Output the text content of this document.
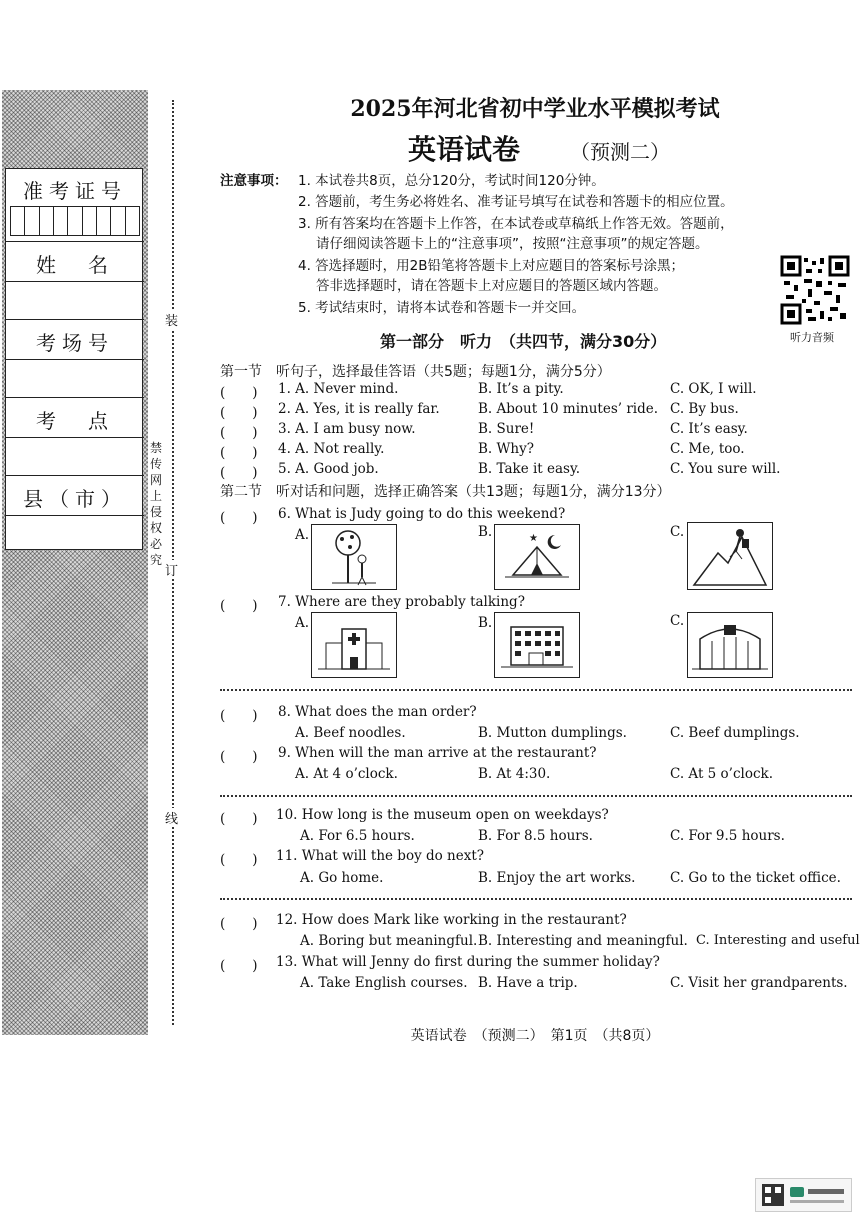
准考证号
姓　名
考场号
考　点
县（市）
装
订
线
禁传网上 侵权必究
2025年河北省初中学业水平模拟考试
英语试卷 （预测二）
注意事项： 1. 本试卷共8页，总分120分，考试时间120分钟。
2. 答题前，考生务必将姓名、准考证号填写在试卷和答题卡的相应位置。
3. 所有答案均在答题卡上作答，在本试卷或草稿纸上作答无效。答题前，
请仔细阅读答题卡上的“注意事项”，按照“注意事项”的规定答题。
4. 答选择题时，用2B铅笔将答题卡上对应题目的答案标号涂黑；
答非选择题时，请在答题卡上对应题目的答题区域内答题。
5. 考试结束时，请将本试卷和答题卡一并交回。
听力音频
第一部分　听力　（共四节，满分30分）
第一节　听句子，选择最佳答语（共5题；每题1分，满分5分）
(　　) 1. A. Never mind.	B. It’s a pity.	C. OK, I will.
(　　) 2. A. Yes, it is really far.	B. About 10 minutes’ ride. C. By bus.
(　　) 3. A. I am busy now.	B. Sure!	C. It’s easy.
(　　) 4. A. Not really.	B. Why?	C. Me, too.
(　　) 5. A. Good job.	B. Take it easy.	C. You sure will.
第二节　听对话和问题，选择正确答案（共13题；每题1分，满分13分）
(　　) 6. What is Judy going to do this weekend?
A.	B.	C.
★
(　　) 7. Where are they probably talking?
A.	B.	C.
(　　) 8. What does the man order?
A. Beef noodles.	B. Mutton dumplings.	C. Beef dumplings.
(　　) 9. When will the man arrive at the restaurant?
A. At 4 o’clock.	B. At 4:30.	C. At 5 o’clock.
(　　) 10. How long is the museum open on weekdays?
A. For 6.5 hours.	B. For 8.5 hours.	C. For 9.5 hours.
(　　) 11. What will the boy do next?
A. Go home.	B. Enjoy the art works.	C. Go to the ticket office.
(　　) 12. How does Mark like working in the restaurant?
A. Boring but meaningful. B. Interesting and meaningful. C. Interesting and useful
(　　) 13. What will Jenny do first during the summer holiday?
A. Take English courses. B. Have a trip.	C. Visit her grandparents.
英语试卷　（预测二）　第1页　（共8页）
